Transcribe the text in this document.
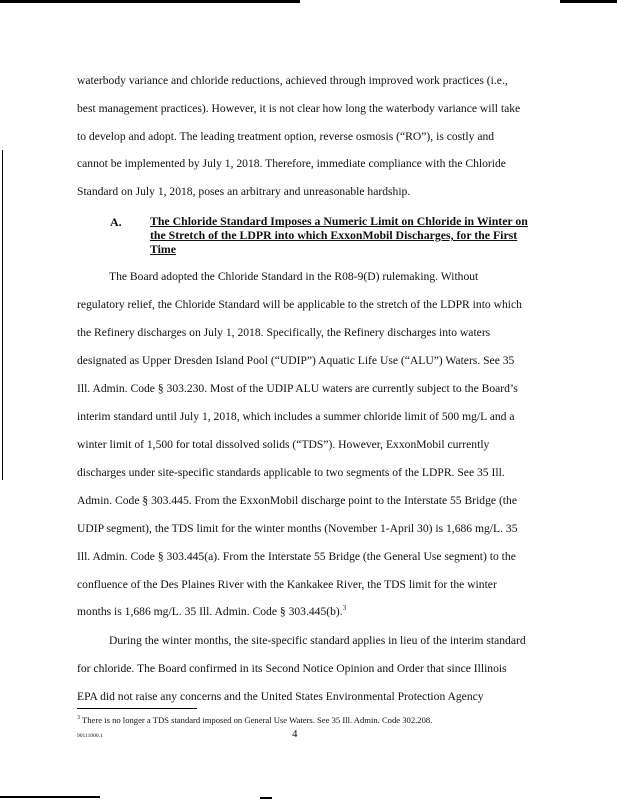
waterbody variance and chloride reductions, achieved through improved work practices (i.e.,
best management practices). However, it is not clear how long the waterbody variance will take
to develop and adopt. The leading treatment option, reverse osmosis (“RO”), is costly and
cannot be implemented by July 1, 2018. Therefore, immediate compliance with the Chloride
Standard on July 1, 2018, poses an arbitrary and unreasonable hardship.
A. The Chloride Standard Imposes a Numeric Limit on Chloride in Winter on
the Stretch of the LDPR into which ExxonMobil Discharges, for the First
Time
The Board adopted the Chloride Standard in the R08-9(D) rulemaking. Without
regulatory relief, the Chloride Standard will be applicable to the stretch of the LDPR into which
the Refinery discharges on July 1, 2018. Specifically, the Refinery discharges into waters
designated as Upper Dresden Island Pool (“UDIP”) Aquatic Life Use (“ALU”) Waters. See 35
Ill. Admin. Code § 303.230. Most of the UDIP ALU waters are currently subject to the Board’s
interim standard until July 1, 2018, which includes a summer chloride limit of 500 mg/L and a
winter limit of 1,500 for total dissolved solids (“TDS”). However, ExxonMobil currently
discharges under site-specific standards applicable to two segments of the LDPR. See 35 Ill.
Admin. Code § 303.445. From the ExxonMobil discharge point to the Interstate 55 Bridge (the
UDIP segment), the TDS limit for the winter months (November 1-April 30) is 1,686 mg/L. 35
Ill. Admin. Code § 303.445(a). From the Interstate 55 Bridge (the General Use segment) to the
confluence of the Des Plaines River with the Kankakee River, the TDS limit for the winter
months is 1,686 mg/L. 35 Ill. Admin. Code § 303.445(b).$^3$
During the winter months, the site-specific standard applies in lieu of the interim standard
for chloride. The Board confirmed in its Second Notice Opinion and Order that since Illinois
EPA did not raise any concerns and the United States Environmental Protection Agency
$^3$ There is no longer a TDS standard imposed on General Use Waters. See 35 Ill. Admin. Code 302.208.
90111000.1	4
